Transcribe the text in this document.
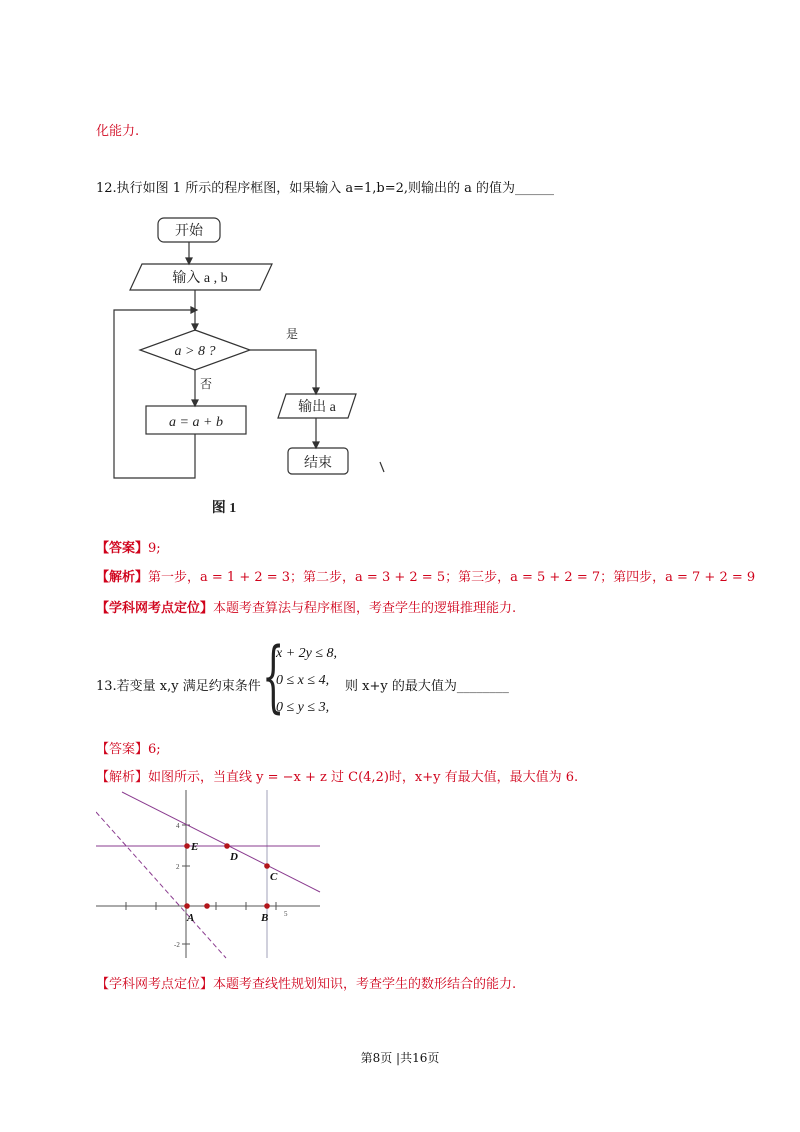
化能力.
12.执行如图 1 所示的程序框图，如果输入 a=1,b=2,则输出的 a 的值为______
开始
输入 a , b
a > 8 ?
是
否
a = a + b
输出 a
结束
图 1
【答案】9;
【解析】第一步，a = 1 + 2 = 3；第二步，a = 3 + 2 = 5；第三步，a = 5 + 2 = 7；第四步，a = 7 + 2 = 9
【学科网考点定位】本题考查算法与程序框图，考查学生的逻辑推理能力.
13.若变量 x,y 满足约束条件 {
x + 2y ≤ 8,
0 ≤ x ≤ 4,
0 ≤ y ≤ 3,
则 x+y 的最大值为________
【答案】6;
【解析】如图所示，当直线 y = −x + z 过 C(4,2)时，x+y 有最大值，最大值为 6.
4
2
5
-2
E
D
C
A	B
【学科网考点定位】本题考查线性规划知识，考查学生的数形结合的能力.
第8页 |共16页
